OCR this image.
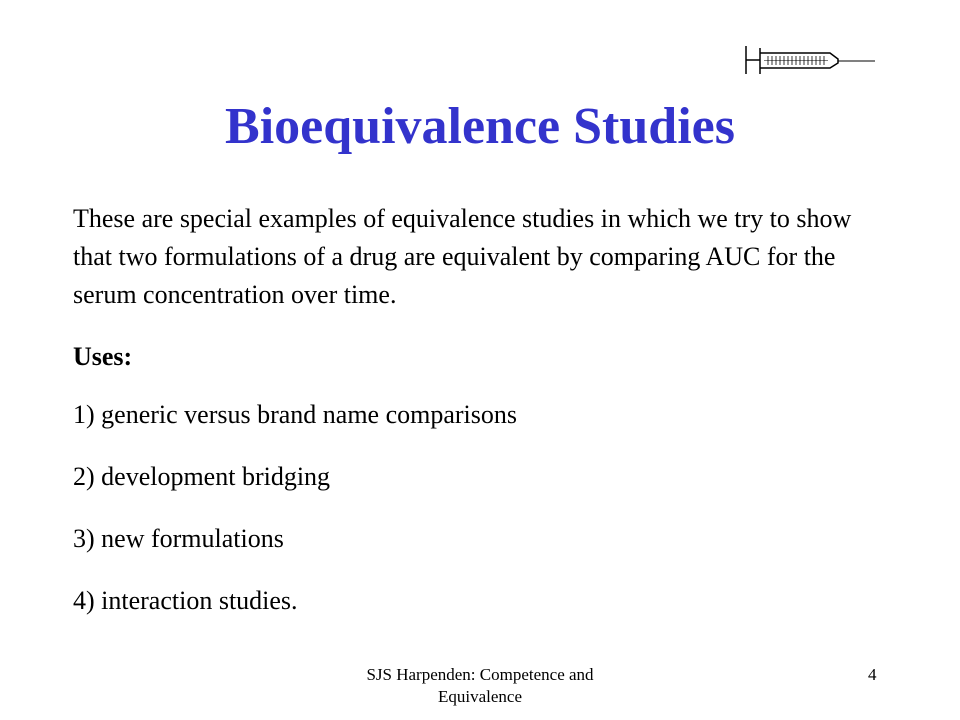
Bioequivalence Studies

These are special examples of equivalence studies in which we try to show that two formulations of a drug are equivalent by comparing AUC for the serum concentration over time.

Uses:

1) generic versus brand name comparisons
2) development bridging
3) new formulations
4) interaction studies.
SJS Harpenden: Competence and
Equivalence
4
